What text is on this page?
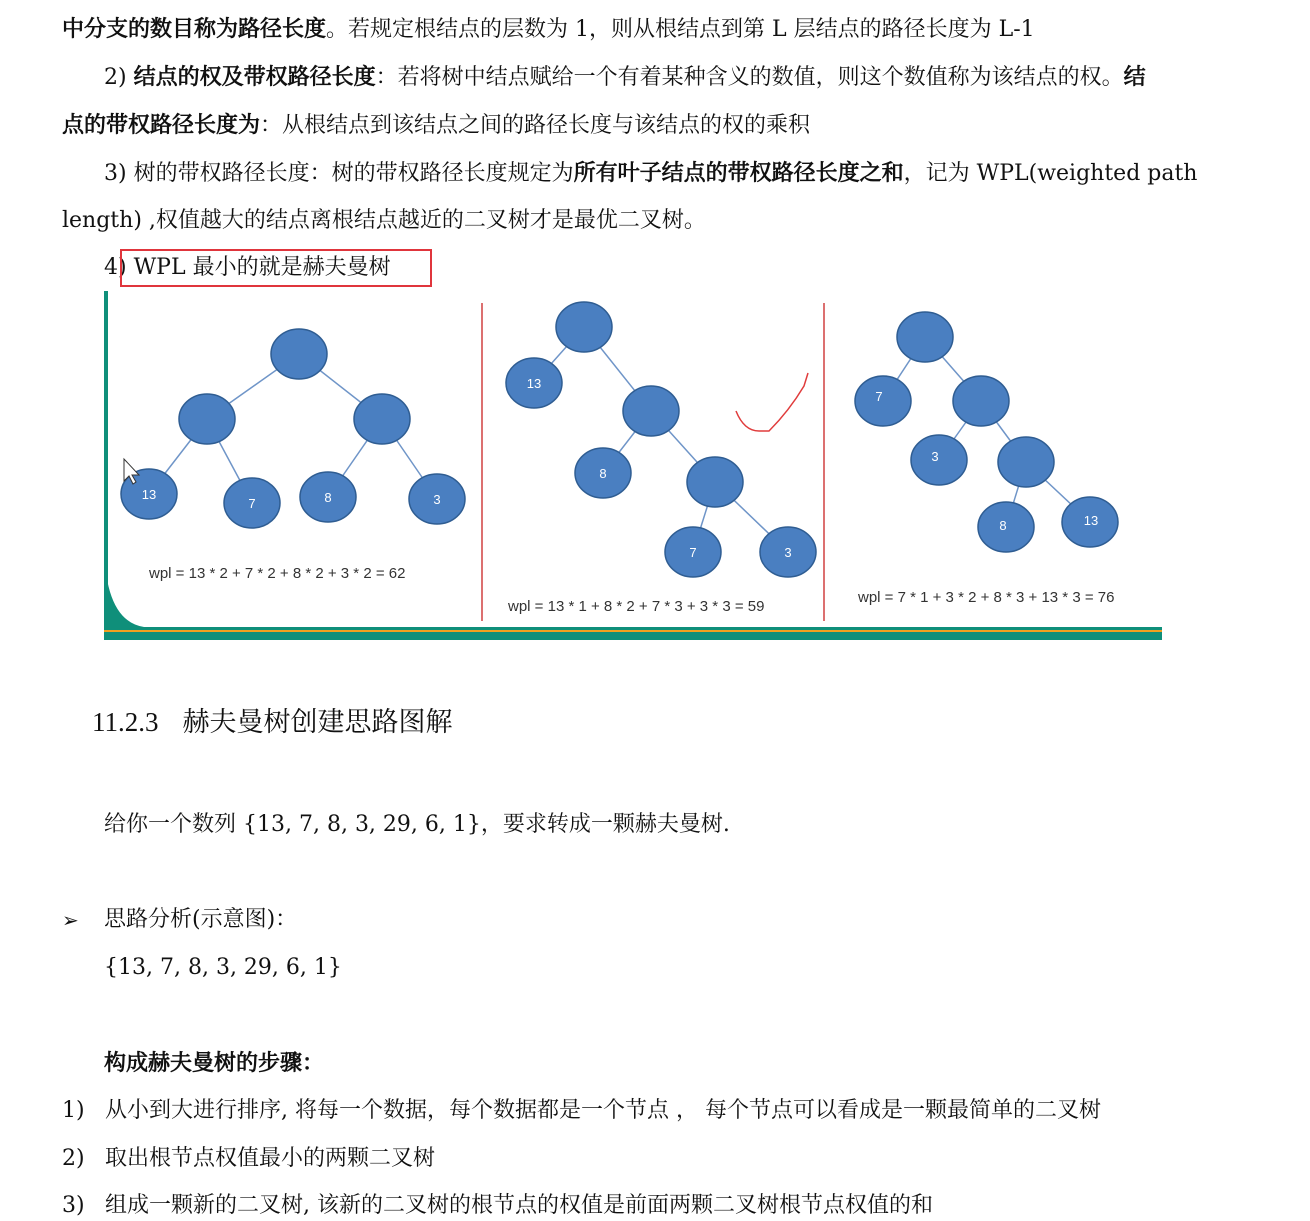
中分支的数目称为路径长度。若规定根结点的层数为 1，则从根结点到第 L 层结点的路径长度为 L-1
2) 结点的权及带权路径长度：若将树中结点赋给一个有着某种含义的数值，则这个数值称为该结点的权。结
点的带权路径长度为：从根结点到该结点之间的路径长度与该结点的权的乘积
3) 树的带权路径长度：树的带权路径长度规定为所有叶子结点的带权路径长度之和，记为 WPL(weighted path
length) ,权值越大的结点离根结点越近的二叉树才是最优二叉树。
4) WPL 最小的就是赫夫曼树
13
7	8	3
wpl = 13 * 2 + 7 * 2 + 8 * 2 + 3 * 2 = 62
13
8
7	3
wpl = 13 * 1 + 8 * 2 + 7 * 3 + 3 * 3 = 59
7
3
8	13
wpl = 7 * 1 + 3 * 2 + 8 * 3 + 13 * 3 = 76
11.2.3 赫夫曼树创建思路图解
给你一个数列 {13, 7, 8, 3, 29, 6, 1}，要求转成一颗赫夫曼树.
➢ 思路分析(示意图)：
{13, 7, 8, 3, 29, 6, 1}
构成赫夫曼树的步骤：
1) 从小到大进行排序, 将每一个数据，每个数据都是一个节点 ， 每个节点可以看成是一颗最简单的二叉树
2) 取出根节点权值最小的两颗二叉树
3) 组成一颗新的二叉树, 该新的二叉树的根节点的权值是前面两颗二叉树根节点权值的和
